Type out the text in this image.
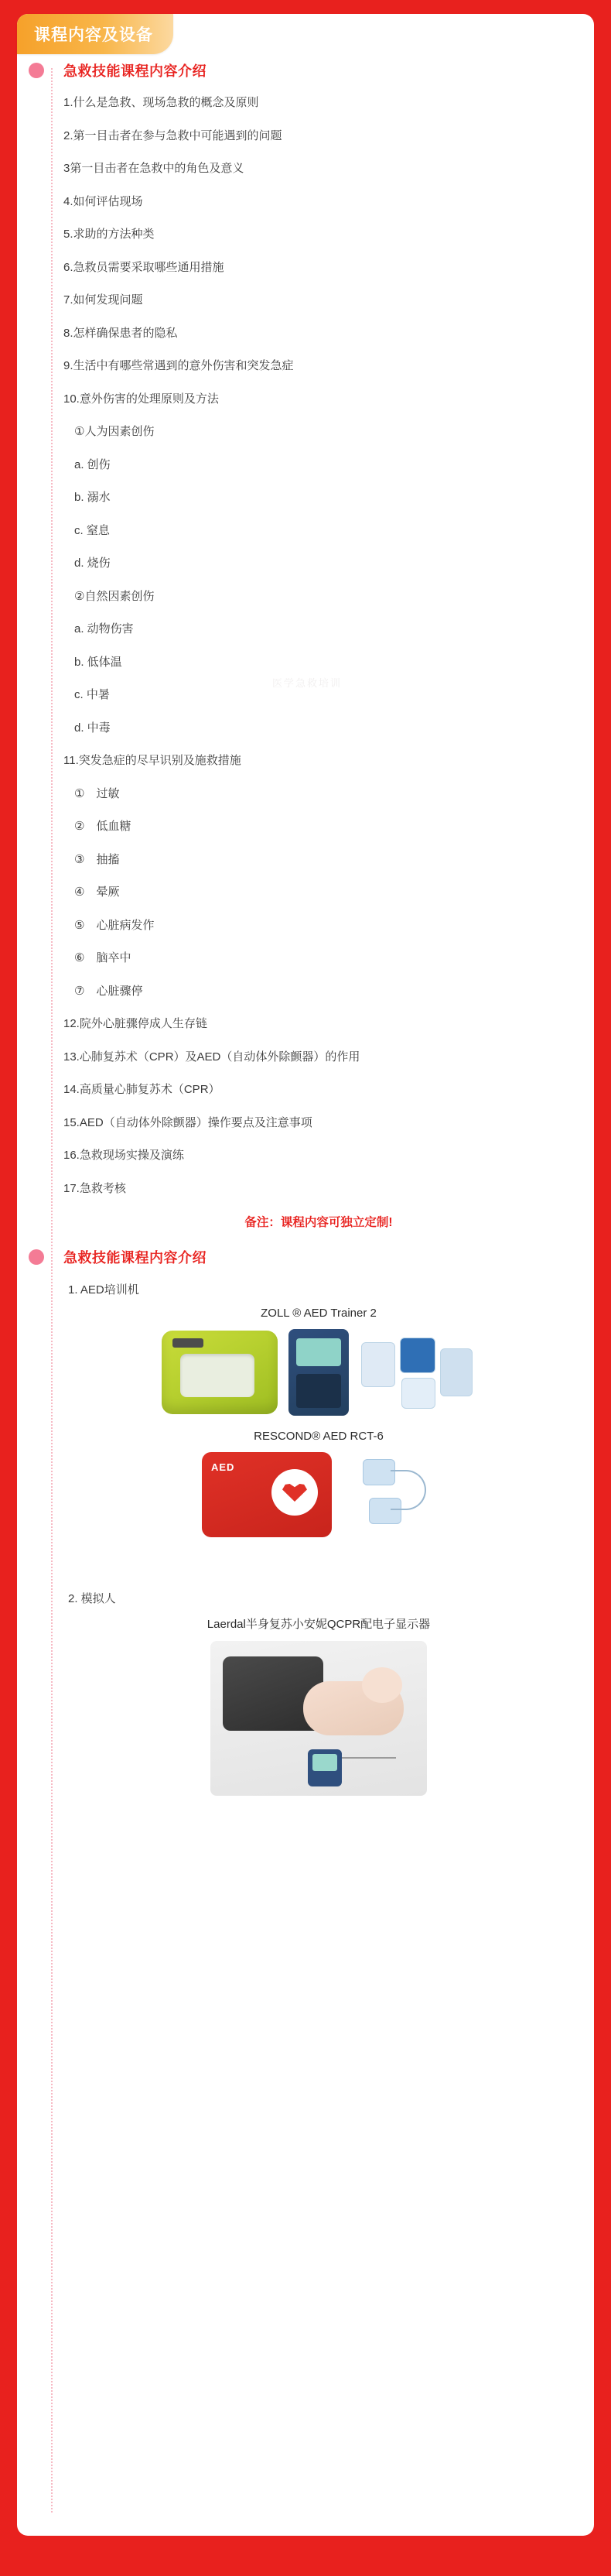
课程内容及设备
医学急救培训
急救技能课程内容介绍
1.什么是急救、现场急救的概念及原则
2.第一目击者在参与急救中可能遇到的问题
3第一目击者在急救中的角色及意义
4.如何评估现场
5.求助的方法种类
6.急救员需要采取哪些通用措施
7.如何发现问题
8.怎样确保患者的隐私
9.生活中有哪些常遇到的意外伤害和突发急症
10.意外伤害的处理原则及方法
①人为因素创伤
a. 创伤
b. 溺水
c. 窒息
d. 烧伤
②自然因素创伤
a. 动物伤害
b. 低体温
c. 中暑
d. 中毒
11.突发急症的尽早识别及施救措施
①　过敏
②　低血糖
③　抽搐
④　晕厥
⑤　心脏病发作
⑥　脑卒中
⑦　心脏骤停
12.院外心脏骤停成人生存链
13.心肺复苏术（CPR）及AED（自动体外除颤器）的作用
14.高质量心肺复苏术（CPR）
15.AED（自动体外除颤器）操作要点及注意事项
16.急救现场实操及演练
17.急救考核
备注：课程内容可独立定制!
急救技能课程内容介绍
1. AED培训机
ZOLL ® AED Trainer 2
RESCOND® AED RCT-6
AED
2. 模拟人
Laerdal半身复苏小安妮QCPR配电子显示器
